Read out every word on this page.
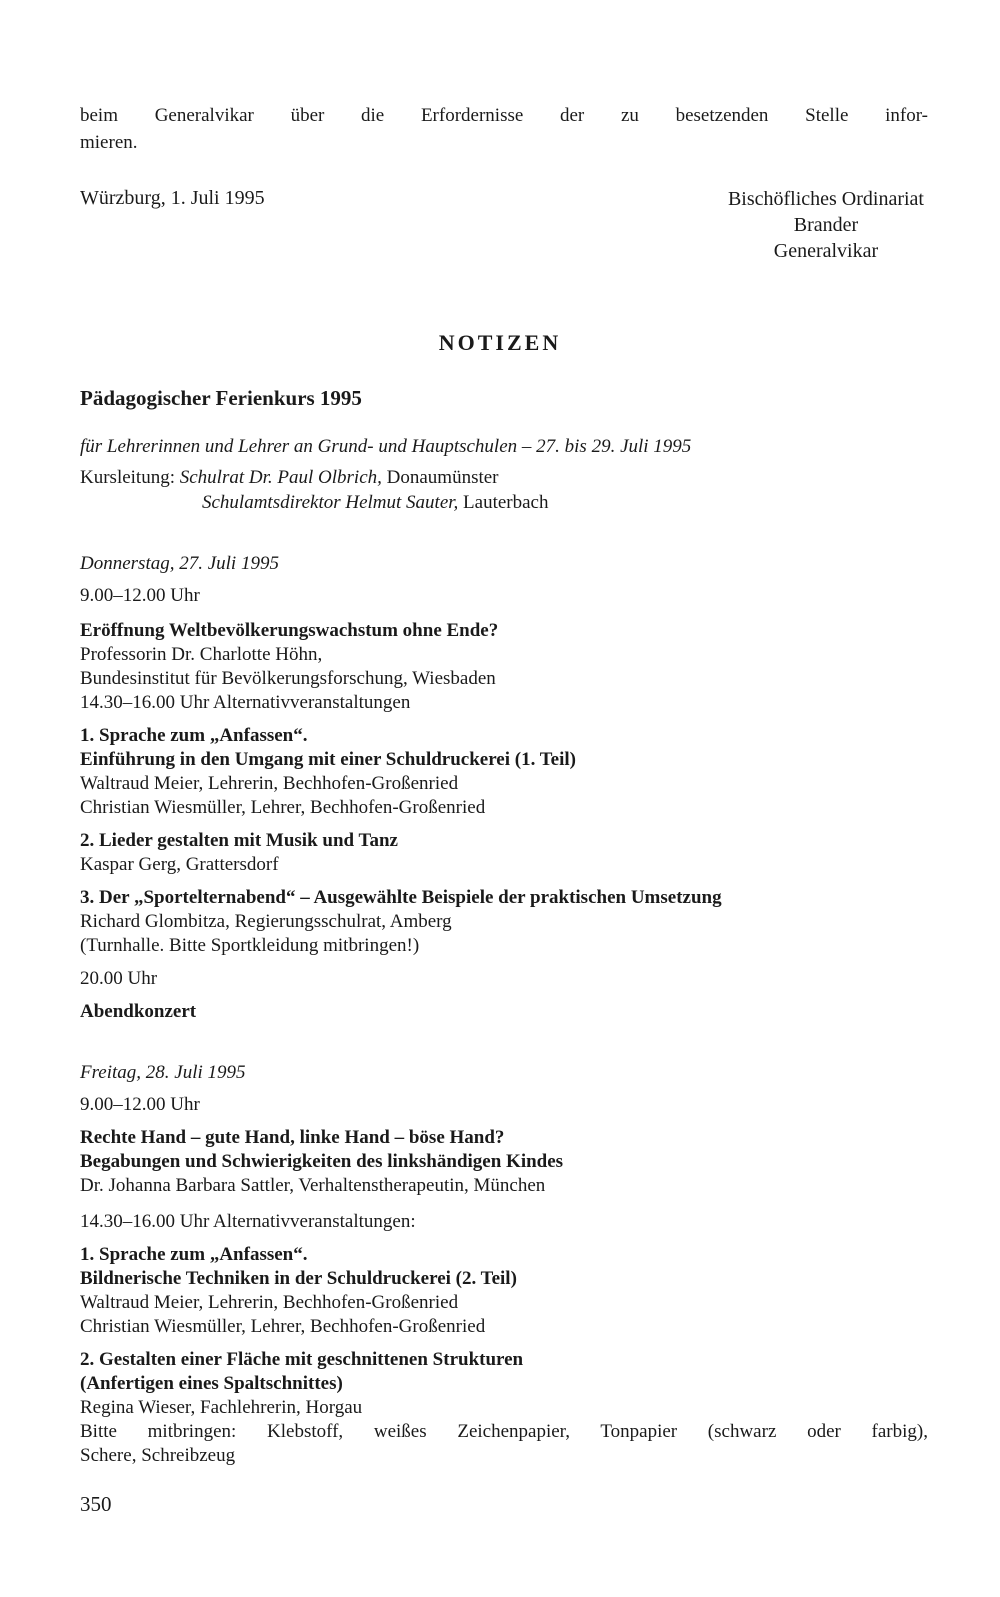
beim Generalvikar über die Erfordernisse der zu besetzenden Stelle infor-
mieren.
Würzburg, 1. Juli 1995	Bischöfliches Ordinariat
Brander
Generalvikar
NOTIZEN
Pädagogischer Ferienkurs 1995
für Lehrerinnen und Lehrer an Grund- und Hauptschulen – 27. bis 29. Juli 1995
Kursleitung: Schulrat Dr. Paul Olbrich, Donaumünster
Schulamtsdirektor Helmut Sauter, Lauterbach
Donnerstag, 27. Juli 1995
9.00–12.00 Uhr
Eröffnung Weltbevölkerungswachstum ohne Ende?
Professorin Dr. Charlotte Höhn,
Bundesinstitut für Bevölkerungsforschung, Wiesbaden
14.30–16.00 Uhr Alternativveranstaltungen
1. Sprache zum „Anfassen“.
Einführung in den Umgang mit einer Schuldruckerei (1. Teil)
Waltraud Meier, Lehrerin, Bechhofen-Großenried
Christian Wiesmüller, Lehrer, Bechhofen-Großenried
2. Lieder gestalten mit Musik und Tanz
Kaspar Gerg, Grattersdorf
3. Der „Sportelternabend“ – Ausgewählte Beispiele der praktischen Umsetzung
Richard Glombitza, Regierungsschulrat, Amberg
(Turnhalle. Bitte Sportkleidung mitbringen!)
20.00 Uhr
Abendkonzert
Freitag, 28. Juli 1995
9.00–12.00 Uhr
Rechte Hand – gute Hand, linke Hand – böse Hand?
Begabungen und Schwierigkeiten des linkshändigen Kindes
Dr. Johanna Barbara Sattler, Verhaltenstherapeutin, München
14.30–16.00 Uhr Alternativveranstaltungen:
1. Sprache zum „Anfassen“.
Bildnerische Techniken in der Schuldruckerei (2. Teil)
Waltraud Meier, Lehrerin, Bechhofen-Großenried
Christian Wiesmüller, Lehrer, Bechhofen-Großenried
2. Gestalten einer Fläche mit geschnittenen Strukturen
(Anfertigen eines Spaltschnittes)
Regina Wieser, Fachlehrerin, Horgau
Bitte mitbringen: Klebstoff, weißes Zeichenpapier, Tonpapier (schwarz oder farbig),
Schere, Schreibzeug
350
